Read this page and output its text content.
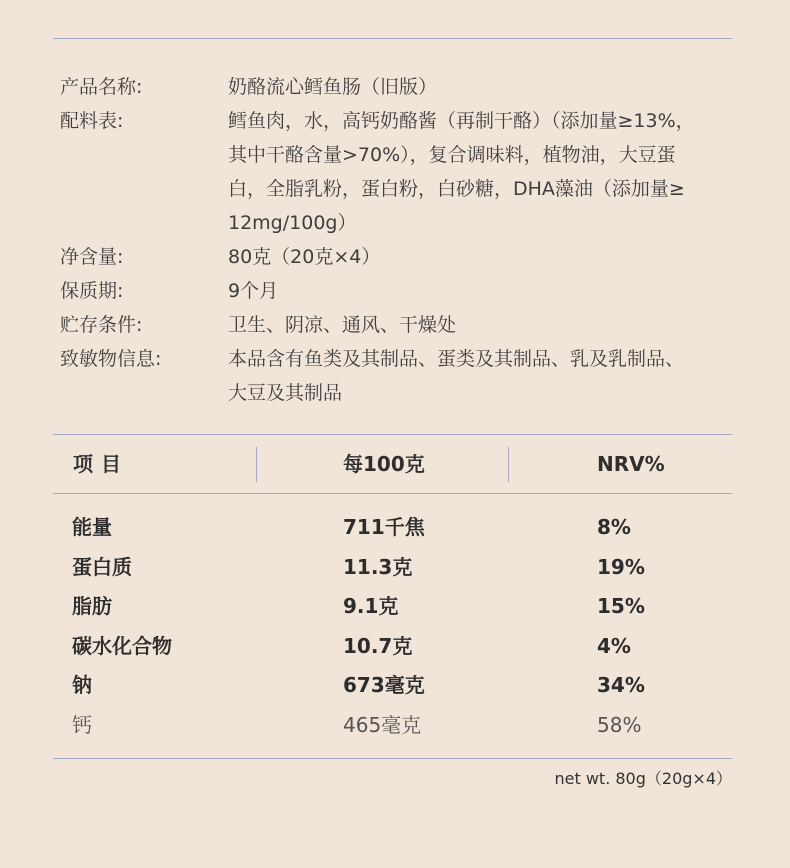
产品名称:	奶酪流心鳕鱼肠（旧版）
配料表:	鳕鱼肉，水，高钙奶酪酱（再制干酪）（添加量≥13%，
其中干酪含量>70%），复合调味料，植物油，大豆蛋
白，全脂乳粉，蛋白粉，白砂糖，DHA藻油（添加量≥
12mg/100g）
净含量:	80克（20克×4）
保质期:	9个月
贮存条件:	卫生、阴凉、通风、干燥处
致敏物信息:	本品含有鱼类及其制品、蛋类及其制品、乳及乳制品、
大豆及其制品
项目	每100克	NRV%
能量	711千焦	8%
蛋白质	11.3克	19%
脂肪	9.1克	15%
碳水化合物	10.7克	4%
钠	673毫克	34%
钙	465毫克	58%
net wt. 80g（20g×4）
